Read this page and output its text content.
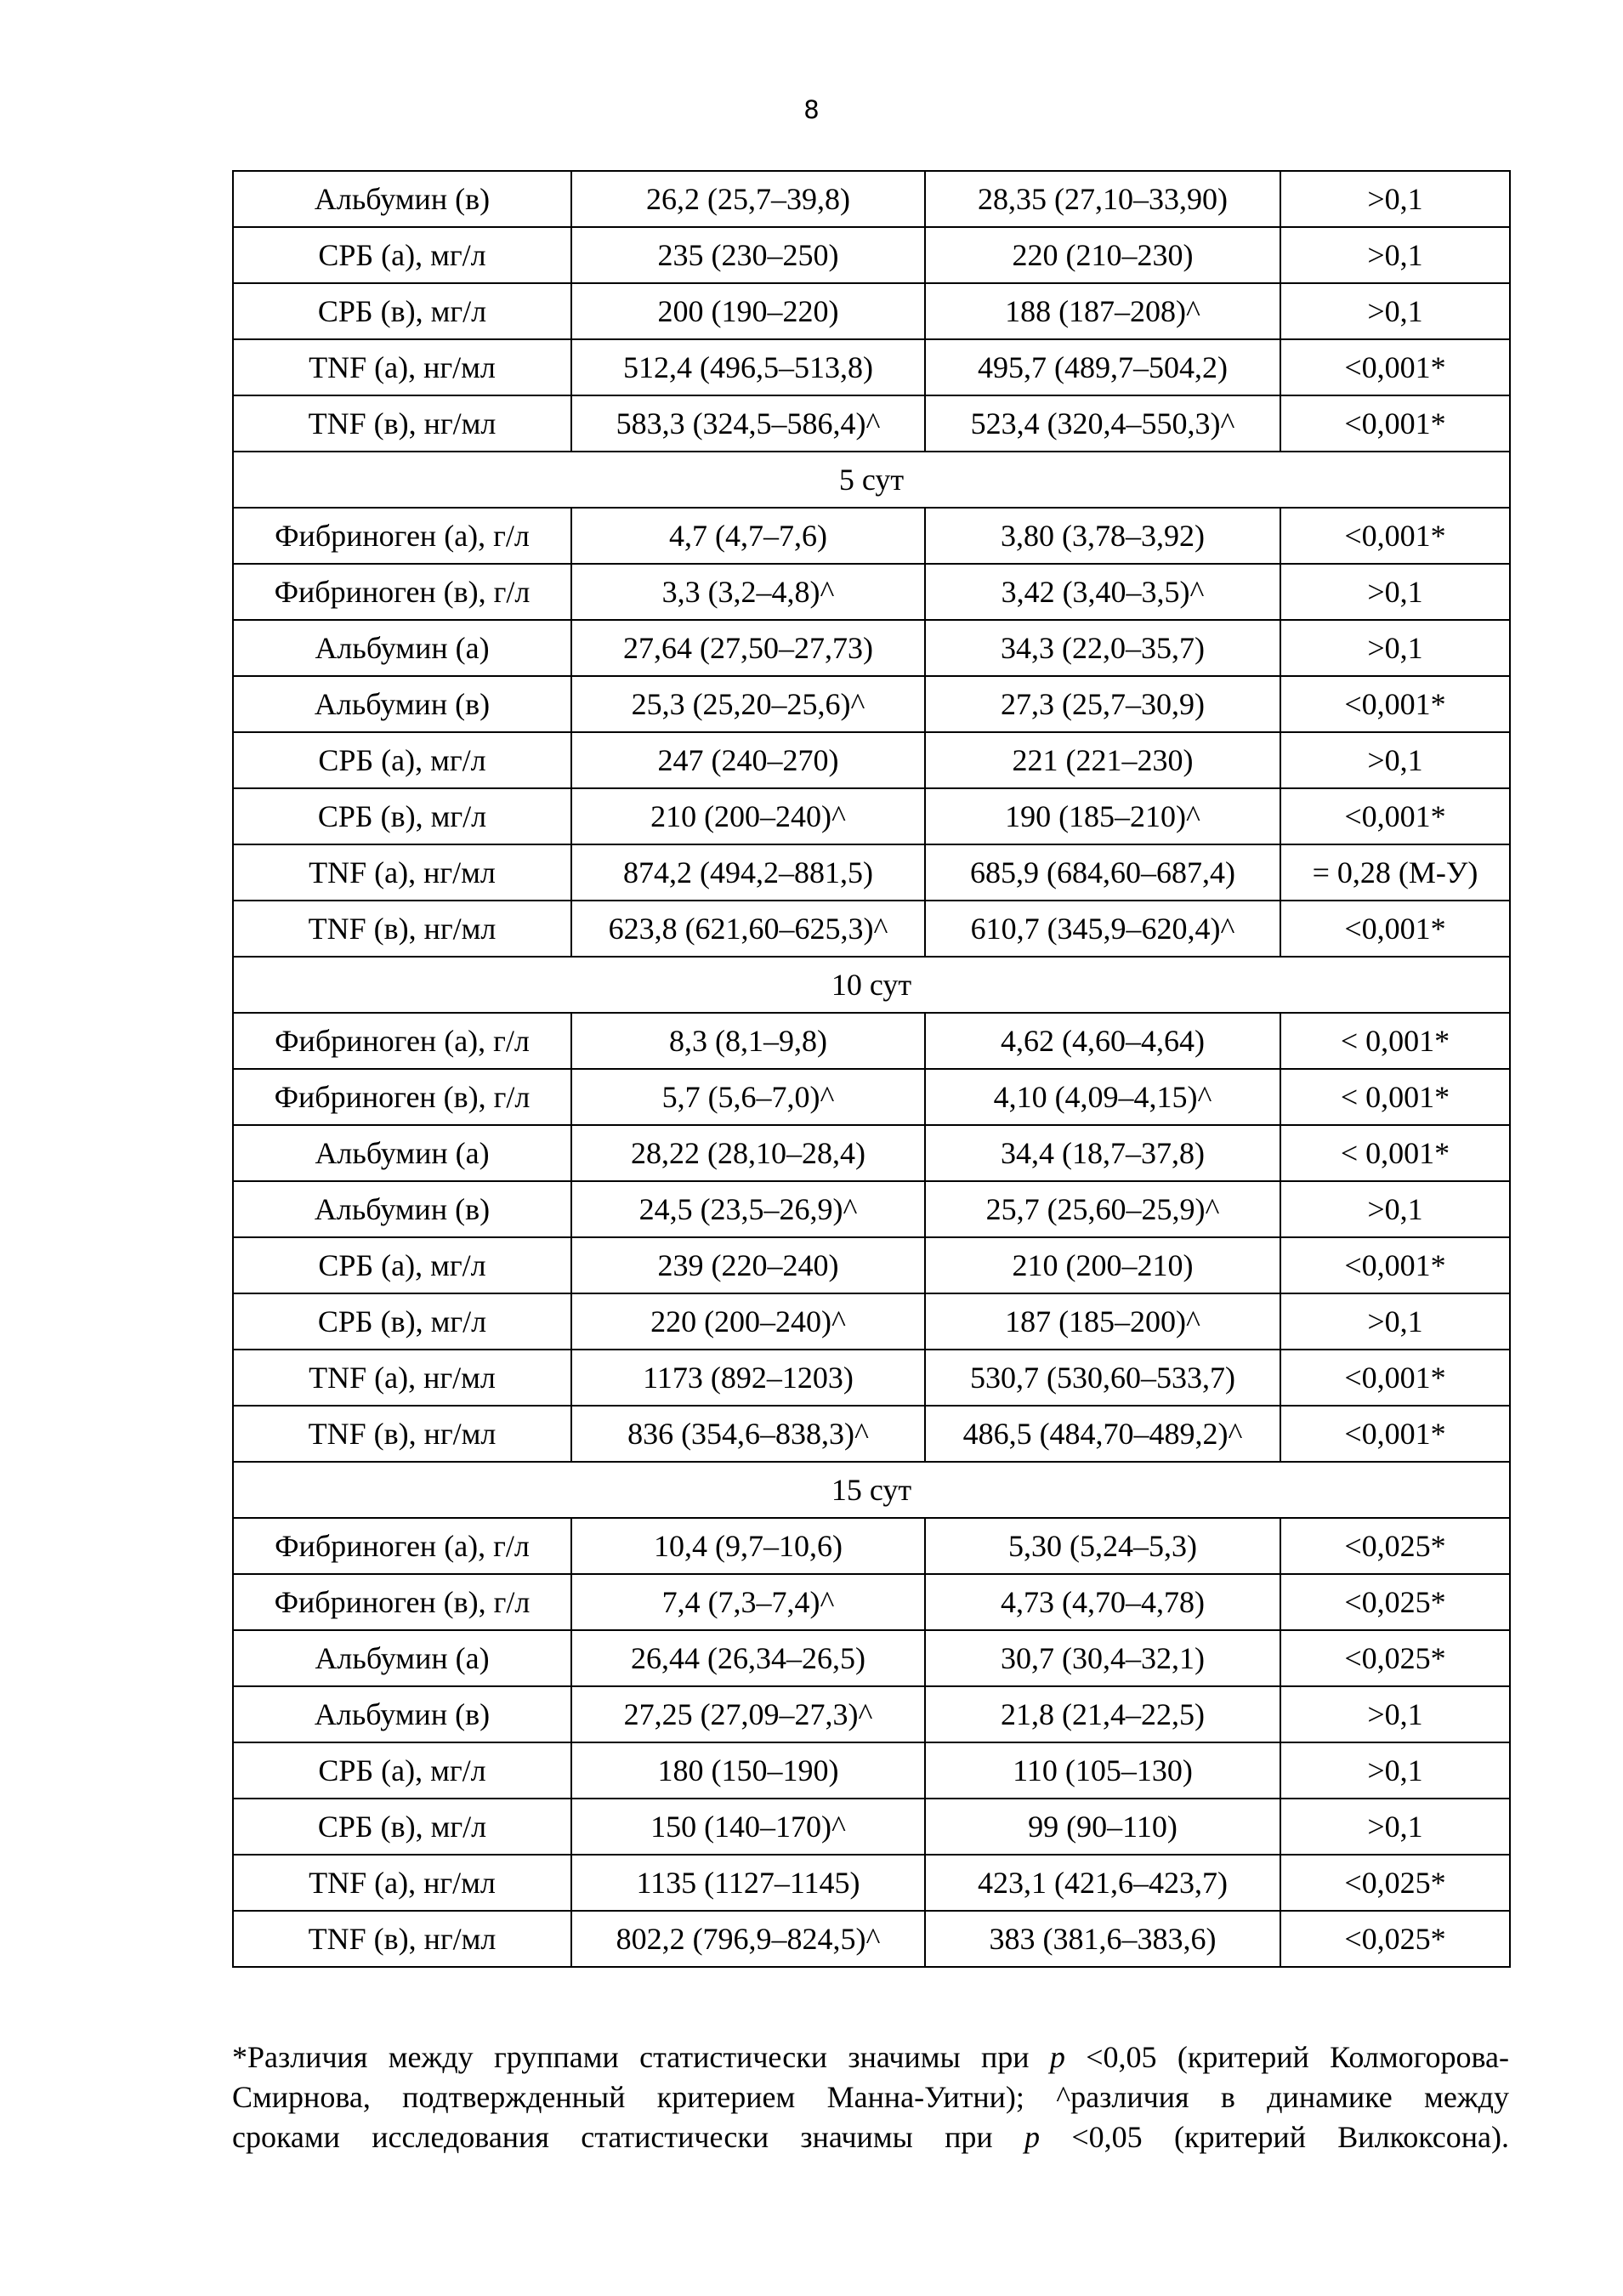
8
Альбумин (в)	26,2 (25,7–39,8)	28,35 (27,10–33,90)	>0,1
СРБ (а), мг/л	235 (230–250)	220 (210–230)	>0,1
СРБ (в), мг/л	200 (190–220)	188 (187–208)^	>0,1
TNF (а), нг/мл	512,4 (496,5–513,8)	495,7 (489,7–504,2)	<0,001*
TNF (в), нг/мл	583,3 (324,5–586,4)^	523,4 (320,4–550,3)^	<0,001*
5 сут			
Фибриноген (а), г/л	4,7 (4,7–7,6)	3,80 (3,78–3,92)	<0,001*
Фибриноген (в), г/л	3,3 (3,2–4,8)^	3,42 (3,40–3,5)^	>0,1
Альбумин (а)	27,64 (27,50–27,73)	34,3 (22,0–35,7)	>0,1
Альбумин (в)	25,3 (25,20–25,6)^	27,3 (25,7–30,9)	<0,001*
СРБ (а), мг/л	247 (240–270)	221 (221–230)	>0,1
СРБ (в), мг/л	210 (200–240)^	190 (185–210)^	<0,001*
TNF (а), нг/мл	874,2 (494,2–881,5)	685,9 (684,60–687,4)	= 0,28 (М-У)
TNF (в), нг/мл	623,8 (621,60–625,3)^	610,7 (345,9–620,4)^	<0,001*
10 сут			
Фибриноген (а), г/л	8,3 (8,1–9,8)	4,62 (4,60–4,64)	< 0,001*
Фибриноген (в), г/л	5,7 (5,6–7,0)^	4,10 (4,09–4,15)^	< 0,001*
Альбумин (а)	28,22 (28,10–28,4)	34,4 (18,7–37,8)	< 0,001*
Альбумин (в)	24,5 (23,5–26,9)^	25,7 (25,60–25,9)^	>0,1
СРБ (а), мг/л	239 (220–240)	210 (200–210)	<0,001*
СРБ (в), мг/л	220 (200–240)^	187 (185–200)^	>0,1
TNF (а), нг/мл	1173 (892–1203)	530,7 (530,60–533,7)	<0,001*
TNF (в), нг/мл	836 (354,6–838,3)^	486,5 (484,70–489,2)^	<0,001*
15 сут			
Фибриноген (а), г/л	10,4 (9,7–10,6)	5,30 (5,24–5,3)	<0,025*
Фибриноген (в), г/л	7,4 (7,3–7,4)^	4,73 (4,70–4,78)	<0,025*
Альбумин (а)	26,44 (26,34–26,5)	30,7 (30,4–32,1)	<0,025*
Альбумин (в)	27,25 (27,09–27,3)^	21,8 (21,4–22,5)	>0,1
СРБ (а), мг/л	180 (150–190)	110 (105–130)	>0,1
СРБ (в), мг/л	150 (140–170)^	99 (90–110)	>0,1
TNF (а), нг/мл	1135 (1127–1145)	423,1 (421,6–423,7)	<0,025*
TNF (в), нг/мл	802,2 (796,9–824,5)^	383 (381,6–383,6)	<0,025*
*Различия между группами статистически значимы при р <0,05 (критерий Колмогорова-
Смирнова, подтвержденный критерием Манна-Уитни); ^различия в динамике между
сроками исследования статистически значимы при р <0,05 (критерий Вилкоксона).
